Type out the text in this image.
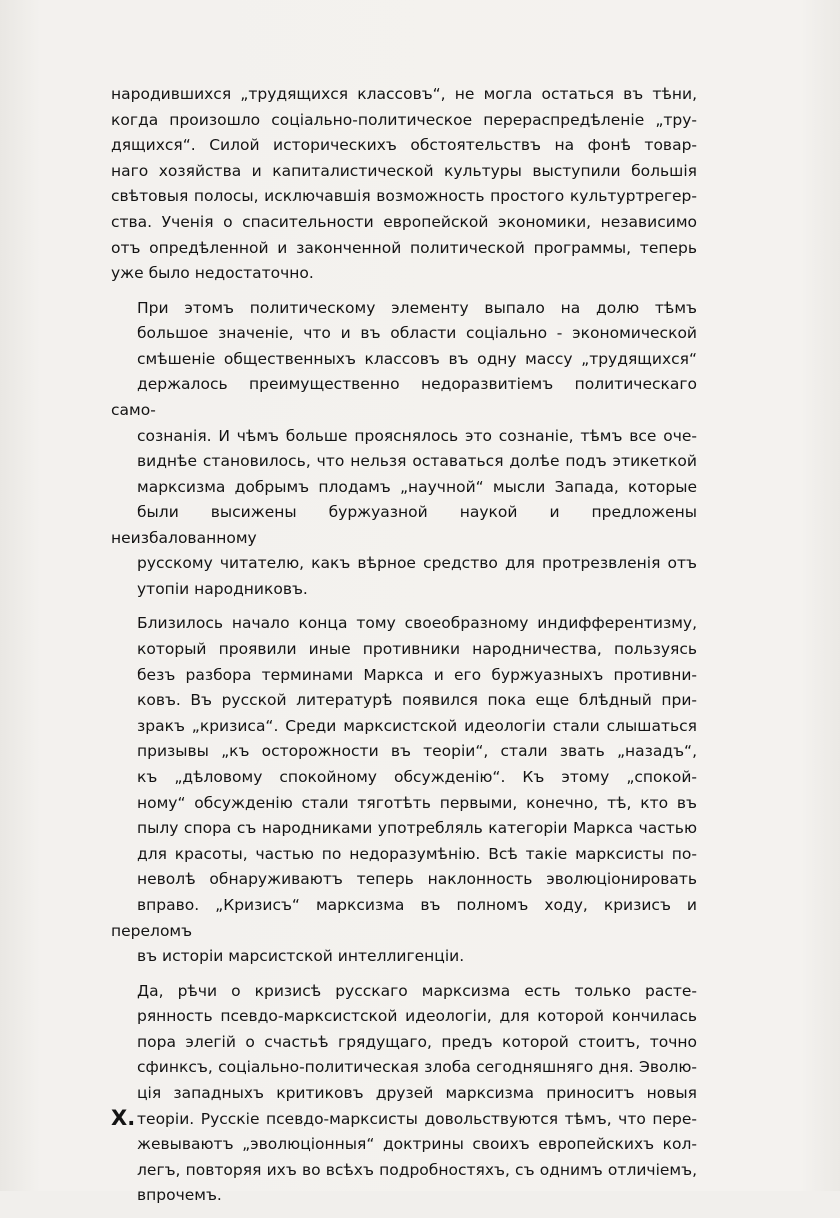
народившихся „трудящихся классовъ“, не могла остаться въ тѣни,
когда произошло соціально-политическое перераспредѣленіе „тру-
дящихся“. Силой историческихъ обстоятельствъ на фонѣ товар-
наго хозяйства и капиталистической культуры выступили большія
свѣтовыя полосы, исключавшія возможность простого культуртрегер-
ства. Ученія о спасительности европейской экономики, независимо
отъ опредѣленной и законченной политической программы, теперь
уже было недостаточно.

При этомъ политическому элементу выпало на долю тѣмъ
большое значеніе, что и въ области соціально - экономической
смѣшеніе общественныхъ классовъ въ одну массу „трудящихся“
держалось преимущественно недоразвитіемъ политическаго само-
сознанія. И чѣмъ больше прояснялось это сознаніе, тѣмъ все оче-
виднѣе становилось, что нельзя оставаться долѣе подъ этикеткой
марксизма добрымъ плодамъ „научной“ мысли Запада, которые
были высижены буржуазной наукой и предложены неизбалованному
русскому читателю, какъ вѣрное средство для протрезвленія отъ
утопіи народниковъ.

Близилось начало конца тому своеобразному индифферентизму,
который проявили иные противники народничества, пользуясь
безъ разбора терминами Маркса и его буржуазныхъ противни-
ковъ. Въ русской литературѣ появился пока еще блѣдный при-
зракъ „кризиса“. Среди марксистской идеологіи стали слышаться
призывы „къ осторожности въ теоріи“, стали звать „назадъ“,
къ „дѣловому спокойному обсужденію“. Къ этому „спокой-
ному“ обсужденію стали тяготѣть первыми, конечно, тѣ, кто въ
пылу спора съ народниками употребляль категоріи Маркса частью
для красоты, частью по недоразумѣнію. Всѣ такіе марксисты по-
неволѣ обнаруживаютъ теперь наклонность эволюціонировать
вправо. „Кризисъ“ марксизма въ полномъ ходу, кризисъ и переломъ
въ исторіи марсистской интеллигенціи.

Да, рѣчи о кризисѣ русскаго марксизма есть только расте-
рянность псевдо-марксистской идеологіи, для которой кончилась
пора элегій о счастьѣ грядущаго, предъ которой стоитъ, точно
сфинксъ, соціально-политическая злоба сегодняшняго дня. Эволю-
ція западныхъ критиковъ друзей марксизма приноситъ новыя
теоріи. Русскіе псевдо-марксисты довольствуются тѣмъ, что пере-
жевываютъ „эволюціонныя“ доктрины своихъ европейскихъ кол-
легъ, повторяя ихъ во всѣхъ подробностяхъ, съ однимъ отличіемъ,
впрочемъ.

X.
